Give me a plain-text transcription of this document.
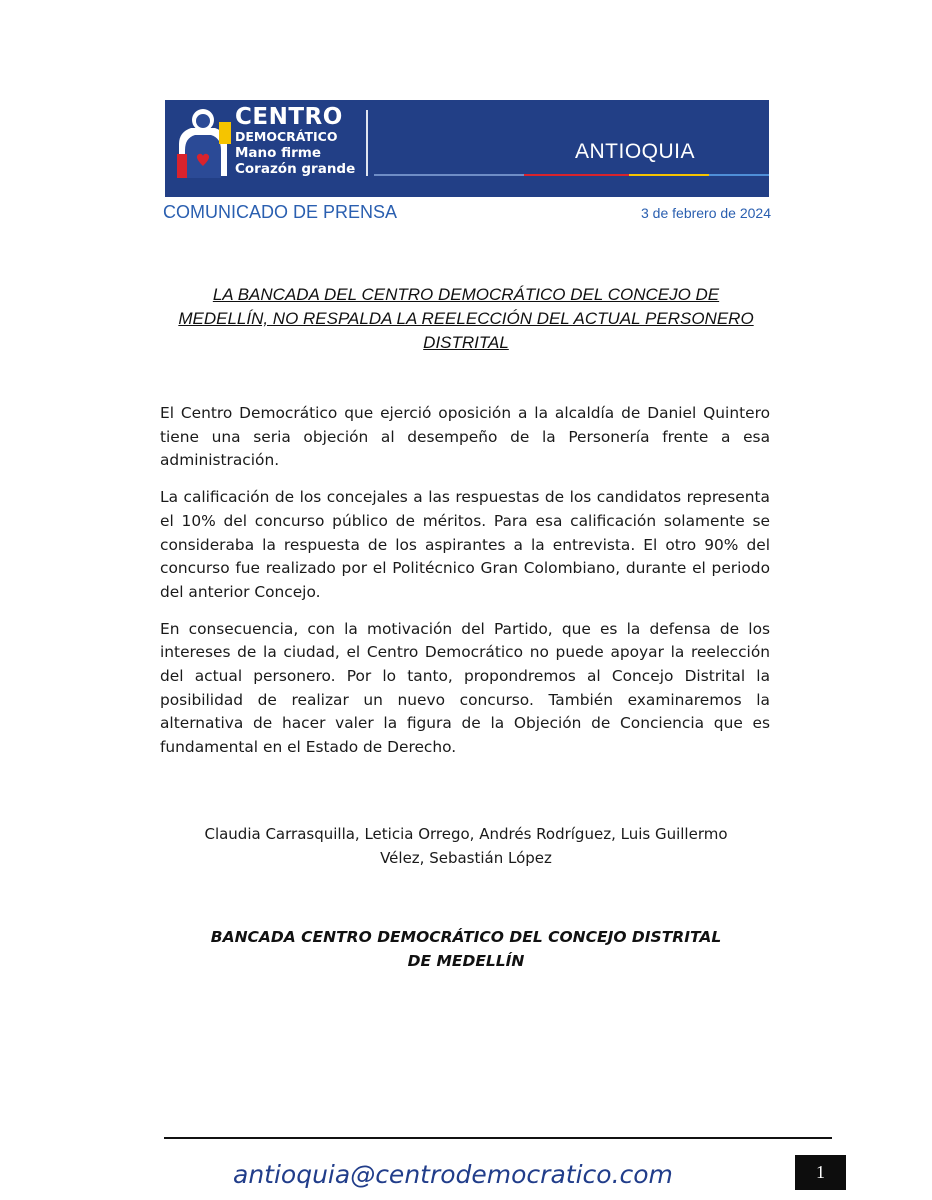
CENTRO
DEMOCRÁTICO
Mano firme
Corazón grande
ANTIOQUIA
COMUNICADO DE PRENSA	3 de febrero de 2024
LA BANCADA DEL CENTRO DEMOCRÁTICO DEL CONCEJO DE
MEDELLÍN, NO RESPALDA LA REELECCIÓN DEL ACTUAL PERSONERO
DISTRITAL

El Centro Democrático que ejerció oposición a la alcaldía de Daniel Quintero tiene una seria objeción al desempeño de la Personería frente a esa administración.

La calificación de los concejales a las respuestas de los candidatos representa el 10% del concurso público de méritos. Para esa calificación solamente se consideraba la respuesta de los aspirantes a la entrevista. El otro 90% del concurso fue realizado por el Politécnico Gran Colombiano, durante el periodo del anterior Concejo.

En consecuencia, con la motivación del Partido, que es la defensa de los intereses de la ciudad, el Centro Democrático no puede apoyar la reelección del actual personero. Por lo tanto, propondremos al Concejo Distrital la posibilidad de realizar un nuevo concurso. También examinaremos la alternativa de hacer valer la figura de la Objeción de Conciencia que es fundamental en el Estado de Derecho.

Claudia Carrasquilla, Leticia Orrego, Andrés Rodríguez, Luis Guillermo
Vélez, Sebastián López
BANCADA CENTRO DEMOCRÁTICO DEL CONCEJO DISTRITAL
DE MEDELLÍN
antioquia@centrodemocratico.com	1
